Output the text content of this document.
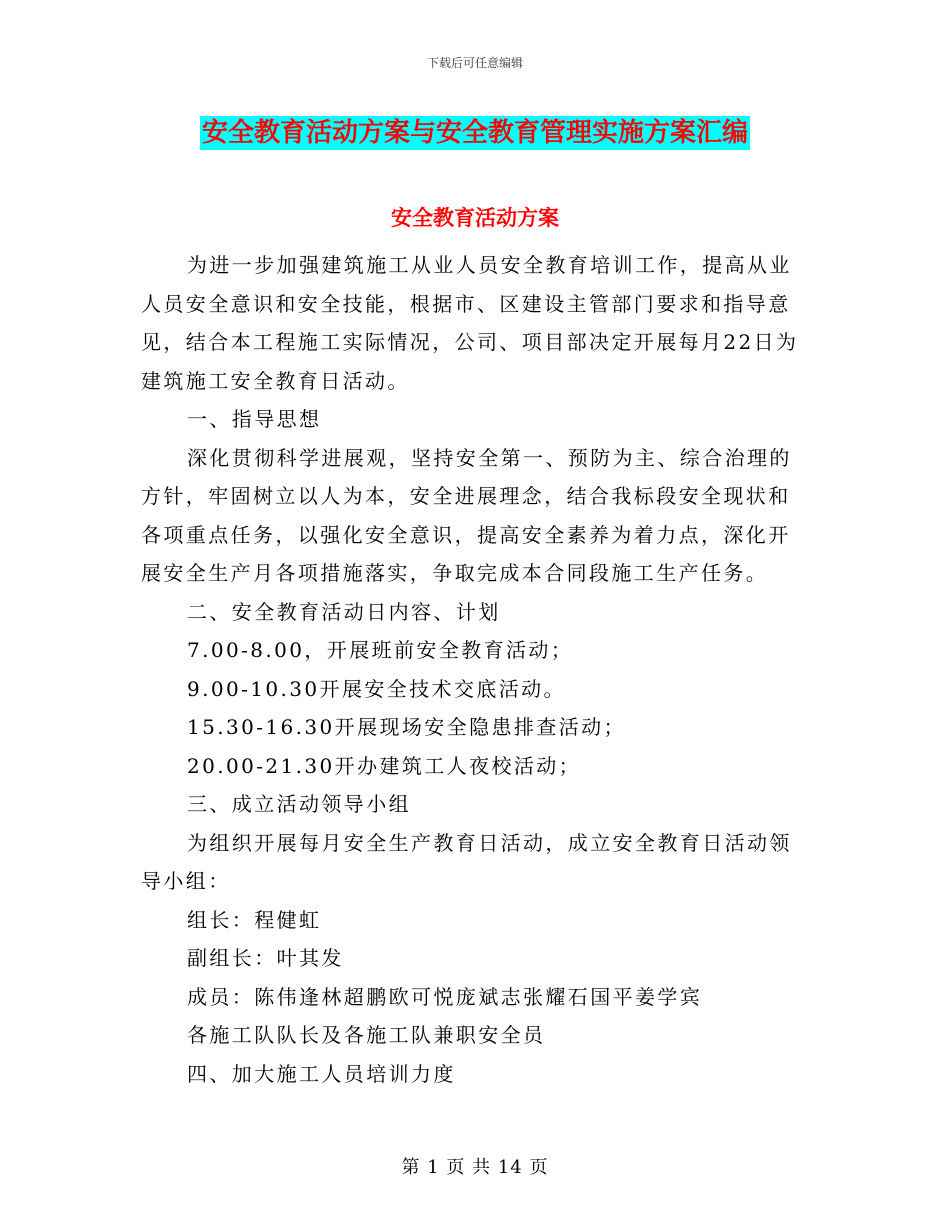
下载后可任意编辑
安全教育活动方案与安全教育管理实施方案汇编
安全教育活动方案

为进一步加强建筑施工从业人员安全教育培训工作，提高从业人员安全意识和安全技能，根据市、区建设主管部门要求和指导意见，结合本工程施工实际情况，公司、项目部决定开展每月22日为建筑施工安全教育日活动。

一、指导思想

深化贯彻科学进展观，坚持安全第一、预防为主、综合治理的方针，牢固树立以人为本，安全进展理念，结合我标段安全现状和各项重点任务，以强化安全意识，提高安全素养为着力点，深化开展安全生产月各项措施落实，争取完成本合同段施工生产任务。

二、安全教育活动日内容、计划

7.00-8.00，开展班前安全教育活动；

9.00-10.30开展安全技术交底活动。

15.30-16.30开展现场安全隐患排查活动；

20.00-21.30开办建筑工人夜校活动；

三、成立活动领导小组

为组织开展每月安全生产教育日活动，成立安全教育日活动领导小组：

组长：程健虹

副组长：叶其发

成员：陈伟逢林超鹏欧可悦庞斌志张耀石国平姜学宾

各施工队队长及各施工队兼职安全员

四、加大施工人员培训力度

第 1 页 共 14 页
